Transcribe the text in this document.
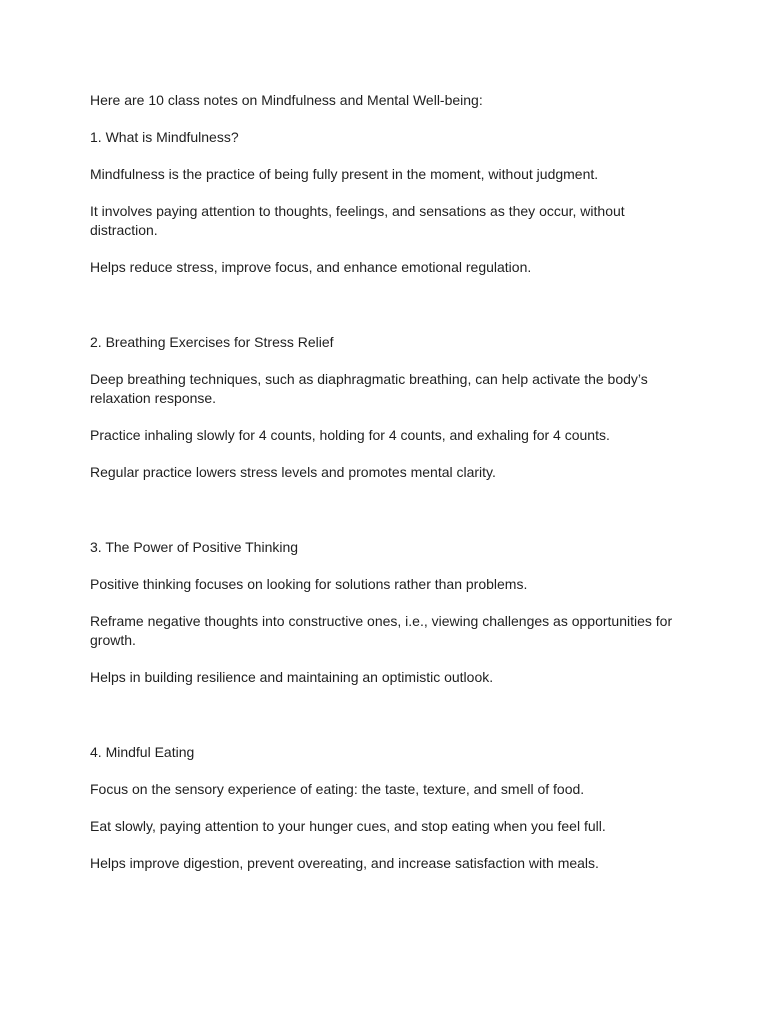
Here are 10 class notes on Mindfulness and Mental Well-being:

1. What is Mindfulness?

Mindfulness is the practice of being fully present in the moment, without judgment.

It involves paying attention to thoughts, feelings, and sensations as they occur, without distraction.

Helps reduce stress, improve focus, and enhance emotional regulation.

2. Breathing Exercises for Stress Relief

Deep breathing techniques, such as diaphragmatic breathing, can help activate the body’s relaxation response.

Practice inhaling slowly for 4 counts, holding for 4 counts, and exhaling for 4 counts.

Regular practice lowers stress levels and promotes mental clarity.

3. The Power of Positive Thinking

Positive thinking focuses on looking for solutions rather than problems.

Reframe negative thoughts into constructive ones, i.e., viewing challenges as opportunities for growth.

Helps in building resilience and maintaining an optimistic outlook.

4. Mindful Eating

Focus on the sensory experience of eating: the taste, texture, and smell of food.

Eat slowly, paying attention to your hunger cues, and stop eating when you feel full.

Helps improve digestion, prevent overeating, and increase satisfaction with meals.
